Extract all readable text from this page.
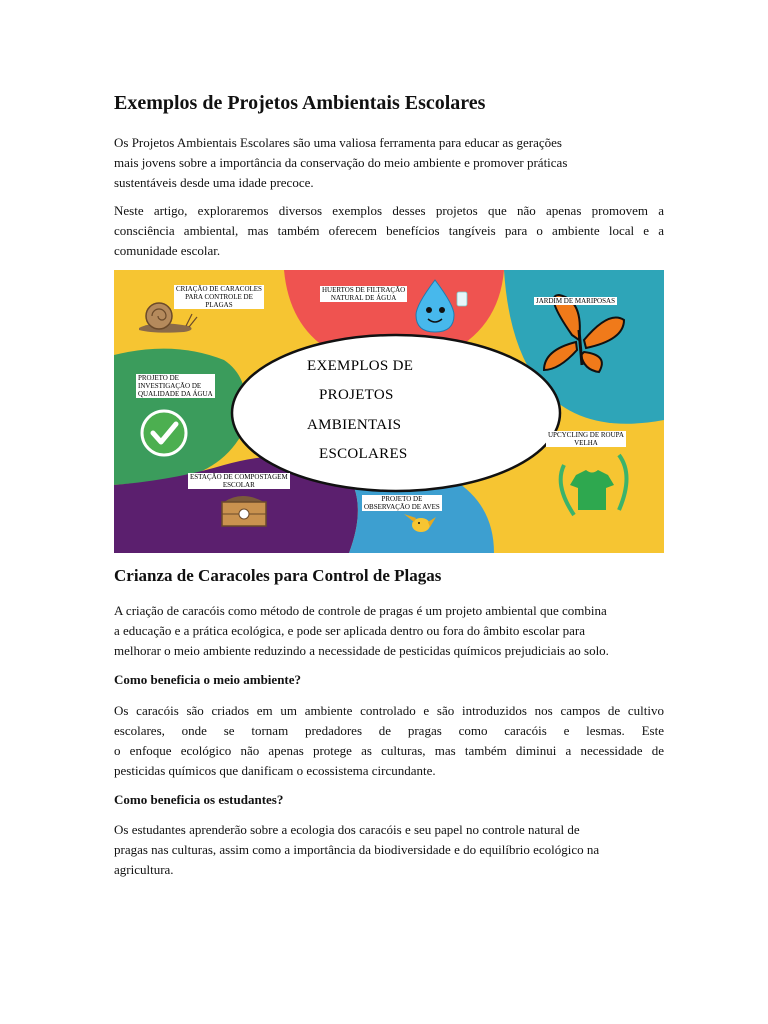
Exemplos de Projetos Ambientais Escolares

Os Projetos Ambientais Escolares são uma valiosa ferramenta para educar as gerações
mais jovens sobre a importância da conservação do meio ambiente e promover práticas
sustentáveis desde uma idade precoce.

Neste artigo, exploraremos diversos exemplos desses projetos que não apenas promovem a
consciência ambiental, mas também oferecem benefícios tangíveis para o ambiente local e a
comunidade escolar.

CRIAÇÃO DE CARACOLES
PARA CONTROLE DE
PLAGAS
HUERTOS DE FILTRAÇÃO
NATURAL DE ÁGUA	JARDIM DE MARIPOSAS
PROJETO DE
INVESTIGAÇÃO DE
QUALIDADE DA ÁGUA
UPCYCLING DE ROUPA
VELHA
ESTAÇÃO DE COMPOSTAGEM
ESCOLAR
PROJETO DE
OBSERVAÇÃO DE AVES
EXEMPLOS DE
PROJETOS
AMBIENTAIS
ESCOLARES
Crianza de Caracoles para Control de Plagas

A criação de caracóis como método de controle de pragas é um projeto ambiental que combina
a educação e a prática ecológica, e pode ser aplicada dentro ou fora do âmbito escolar para
melhorar o meio ambiente reduzindo a necessidade de pesticidas químicos prejudiciais ao solo.

Como beneficia o meio ambiente?

Os caracóis são criados em um ambiente controlado e são introduzidos nos campos de cultivo
escolares, onde se tornam predadores de pragas como caracóis e lesmas. Este
o enfoque ecológico não apenas protege as culturas, mas também diminui a necessidade de
pesticidas químicos que danificam o ecossistema circundante.

Como beneficia os estudantes?

Os estudantes aprenderão sobre a ecologia dos caracóis e seu papel no controle natural de
pragas nas culturas, assim como a importância da biodiversidade e do equilíbrio ecológico na
agricultura.
